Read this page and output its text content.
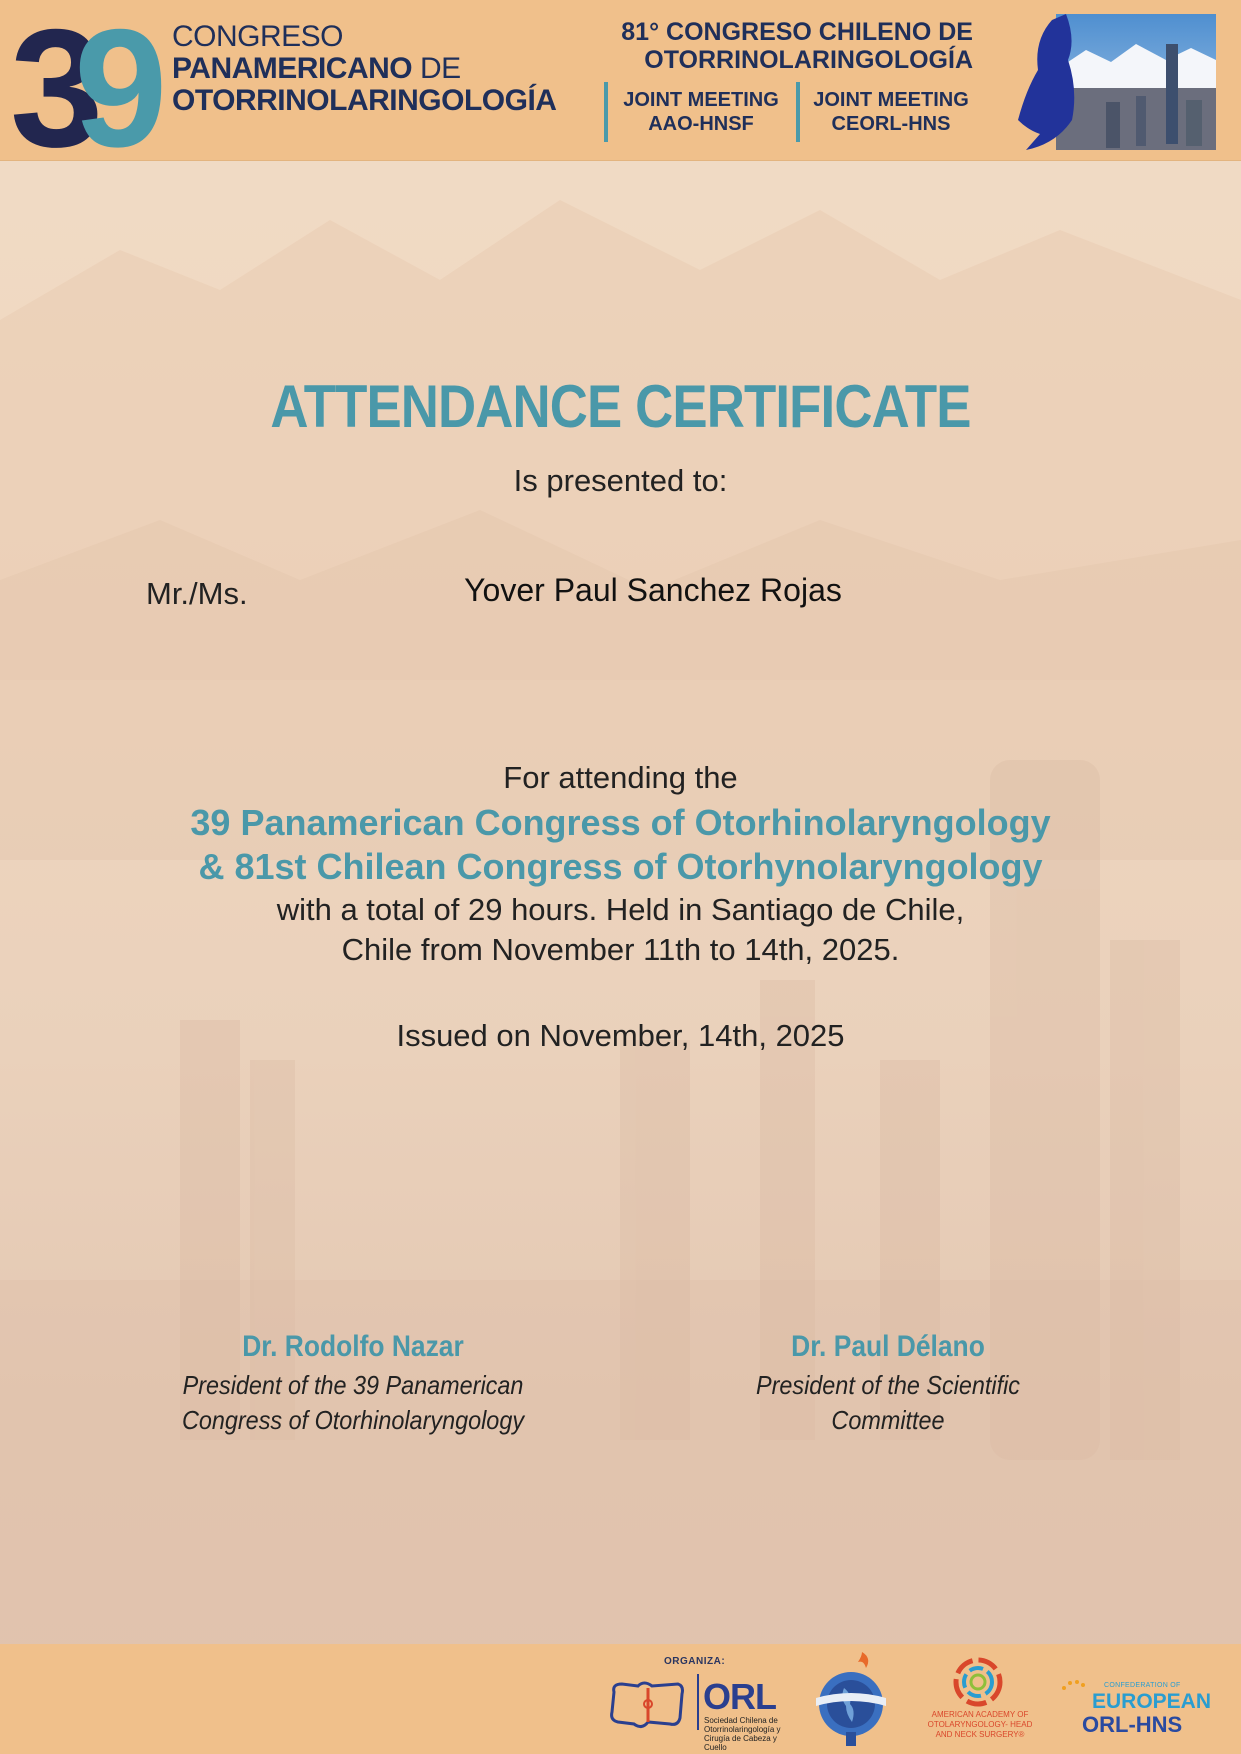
3
9 CONGRESO
PANAMERICANO DE
OTORRINOLARINGOLOGÍA
81° CONGRESO CHILENO DE
OTORRINOLARINGOLOGÍA
JOINT MEETING
AAO-HNSF
JOINT MEETING
CEORL-HNS
ATTENDANCE CERTIFICATE
Is presented to:
Mr./Ms.	Yover Paul Sanchez Rojas
For attending the
39 Panamerican Congress of Otorhinolaryngology
& 81st Chilean Congress of Otorhynolaryngology
with a total of 29 hours. Held in Santiago de Chile,
Chile from November 11th to 14th, 2025.
Issued on November, 14th, 2025
Dr. Rodolfo Nazar
President of the 39 Panamerican
Congress of Otorhinolaryngology
Dr. Paul Délano
President of the Scientific Committee
ORGANIZA:
ORL
Sociedad Chilena de Otorrinolaringología y Cirugía de Cabeza y Cuello
AMERICAN ACADEMY OF OTOLARYNGOLOGY- HEAD AND NECK SURGERY®
CONFEDERATION OF
EUROPEAN
ORL-HNS
